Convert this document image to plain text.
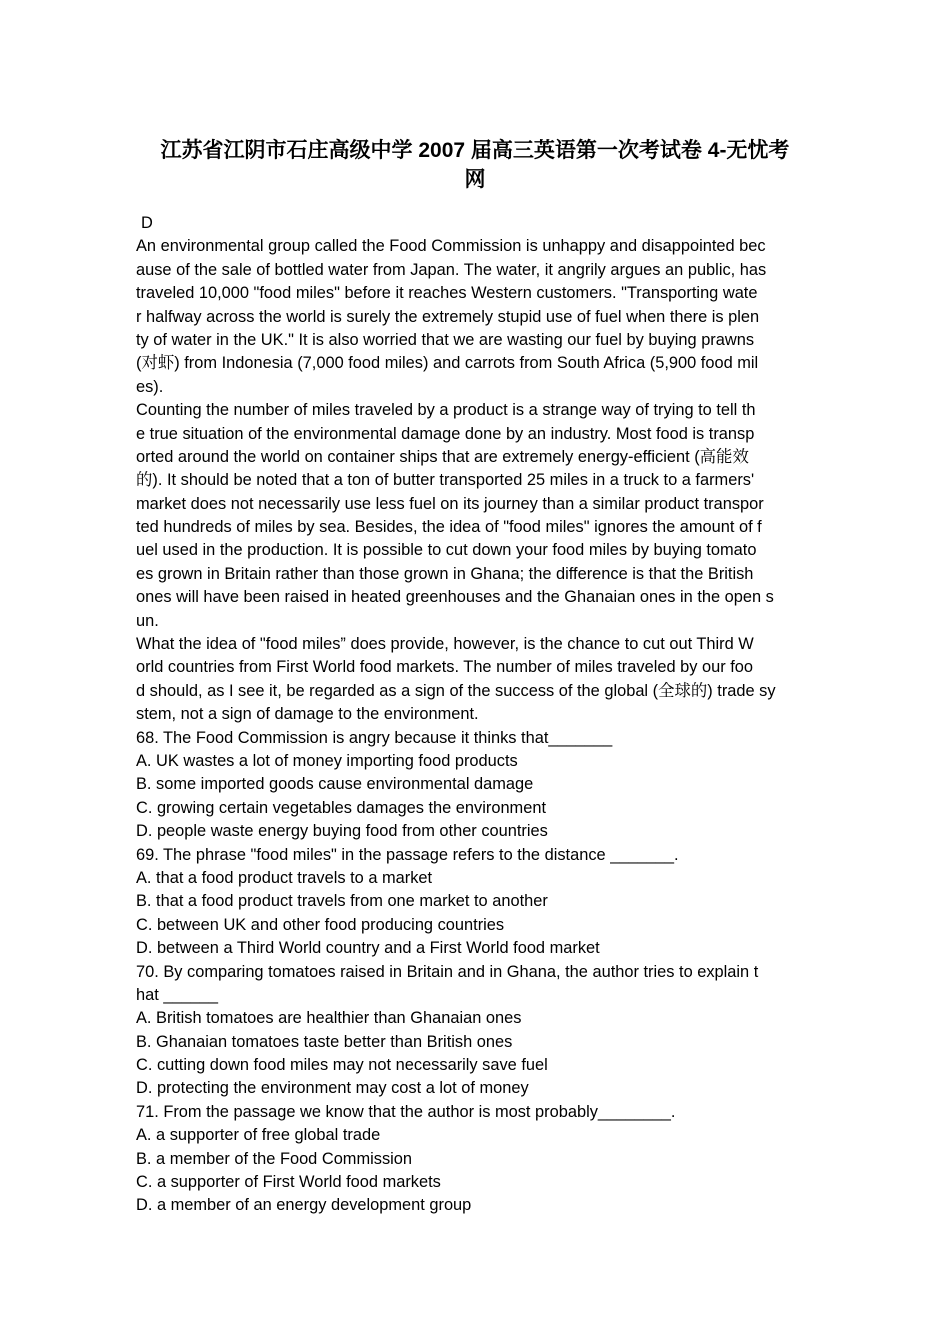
江苏省江阴市石庄高级中学 2007 届高三英语第一次考试卷 4-无忧考
网
D
An environmental group called the Food Commission is unhappy and disappointed bec
ause of the sale of bottled water from Japan. The water, it angrily argues an public, has
traveled 10,000 "food miles" before it reaches Western customers. "Transporting wate
r halfway across the world is surely the extremely stupid use of fuel when there is plen
ty of water in the UK." It is also worried that we are wasting our fuel by buying prawns
(对虾) from Indonesia (7,000 food miles) and carrots from South Africa (5,900 food mil
es).
Counting the number of miles traveled by a product is a strange way of trying to tell th
e true situation of the environmental damage done by an industry. Most food is transp
orted around the world on container ships that are extremely energy-efficient (高能效
的). It should be noted that a ton of butter transported 25 miles in a truck to a farmers'
market does not necessarily use less fuel on its journey than a similar product transpor
ted hundreds of miles by sea. Besides, the idea of "food miles" ignores the amount of f
uel used in the production. It is possible to cut down your food miles by buying tomato
es grown in Britain rather than those grown in Ghana; the difference is that the British
ones will have been raised in heated greenhouses and the Ghanaian ones in the open s
un.
What the idea of "food miles” does provide, however, is the chance to cut out Third W
orld countries from First World food markets. The number of miles traveled by our foo
d should, as I see it, be regarded as a sign of the success of the global (全球的) trade sy
stem, not a sign of damage to the environment.
68. The Food Commission is angry because it thinks that_______
A. UK wastes a lot of money importing food products
B. some imported goods cause environmental damage
C. growing certain vegetables damages the environment
D. people waste energy buying food from other countries
69. The phrase "food miles" in the passage refers to the distance _______.
A. that a food product travels to a market
B. that a food product travels from one market to another
C. between UK and other food producing countries
D. between a Third World country and a First World food market
70. By comparing tomatoes raised in Britain and in Ghana, the author tries to explain t
hat ______
A. British tomatoes are healthier than Ghanaian ones
B. Ghanaian tomatoes taste better than British ones
C. cutting down food miles may not necessarily save fuel
D. protecting the environment may cost a lot of money
71. From the passage we know that the author is most probably________.
A. a supporter of free global trade
B. a member of the Food Commission
C. a supporter of First World food markets
D. a member of an energy development group
